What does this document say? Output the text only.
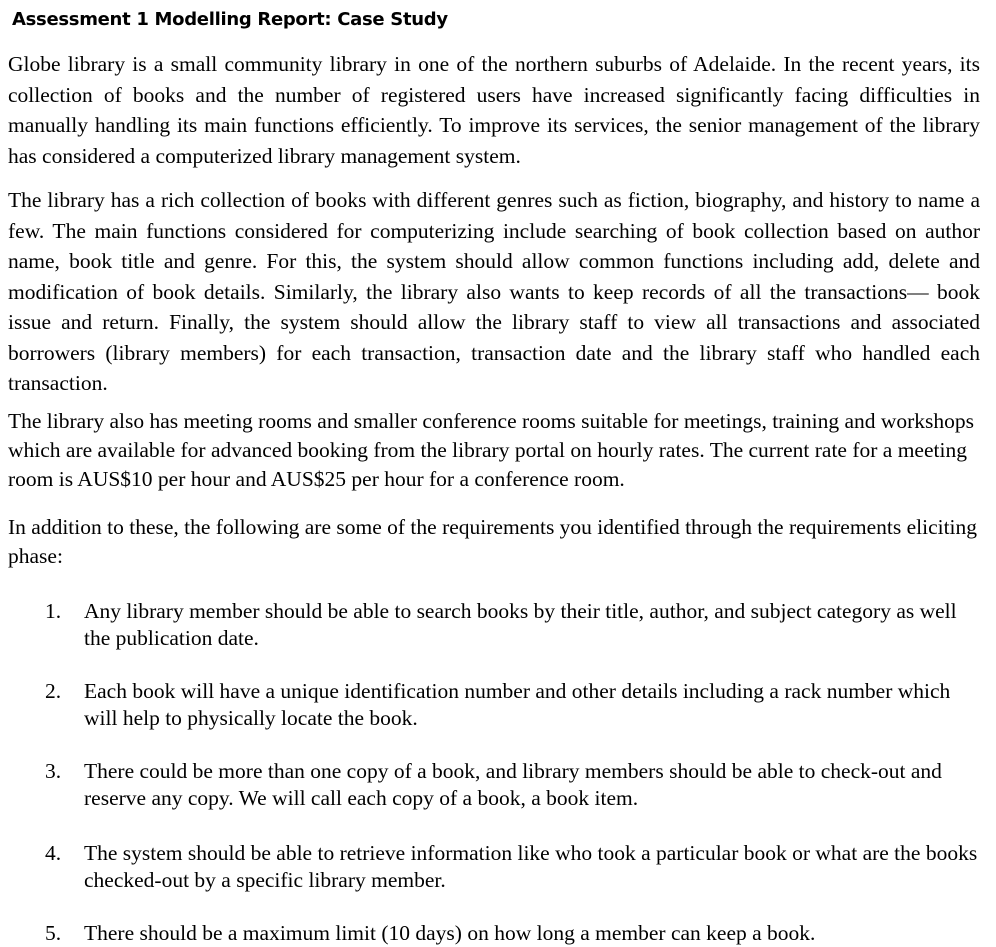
Assessment 1 Modelling Report: Case Study

Globe library is a small community library in one of the northern suburbs of Adelaide. In the recent years, its collection of books and the number of registered users have increased significantly facing difficulties in manually handling its main functions efficiently. To improve its services, the senior management of the library has considered a computerized library management system.

The library has a rich collection of books with different genres such as fiction, biography, and history to name a few. The main functions considered for computerizing include searching of book collection based on author name, book title and genre. For this, the system should allow common functions including add, delete and modification of book details. Similarly, the library also wants to keep records of all the transactions— book issue and return. Finally, the system should allow the library staff to view all transactions and associated borrowers (library members) for each transaction, transaction date and the library staff who handled each transaction.

The library also has meeting rooms and smaller conference rooms suitable for meetings, training and workshops which are available for advanced booking from the library portal on hourly rates. The current rate for a meeting room is AUS$10 per hour and AUS$25 per hour for a conference room.

In addition to these, the following are some of the requirements you identified through the requirements eliciting phase:

1.	Any library member should be able to search books by their title, author, and subject category as well the publication date.
2.	Each book will have a unique identification number and other details including a rack number which will help to physically locate the book.
3.	There could be more than one copy of a book, and library members should be able to check-out and reserve any copy. We will call each copy of a book, a book item.
4.	The system should be able to retrieve information like who took a particular book or what are the books checked-out by a specific library member.
5.	There should be a maximum limit (10 days) on how long a member can keep a book.
